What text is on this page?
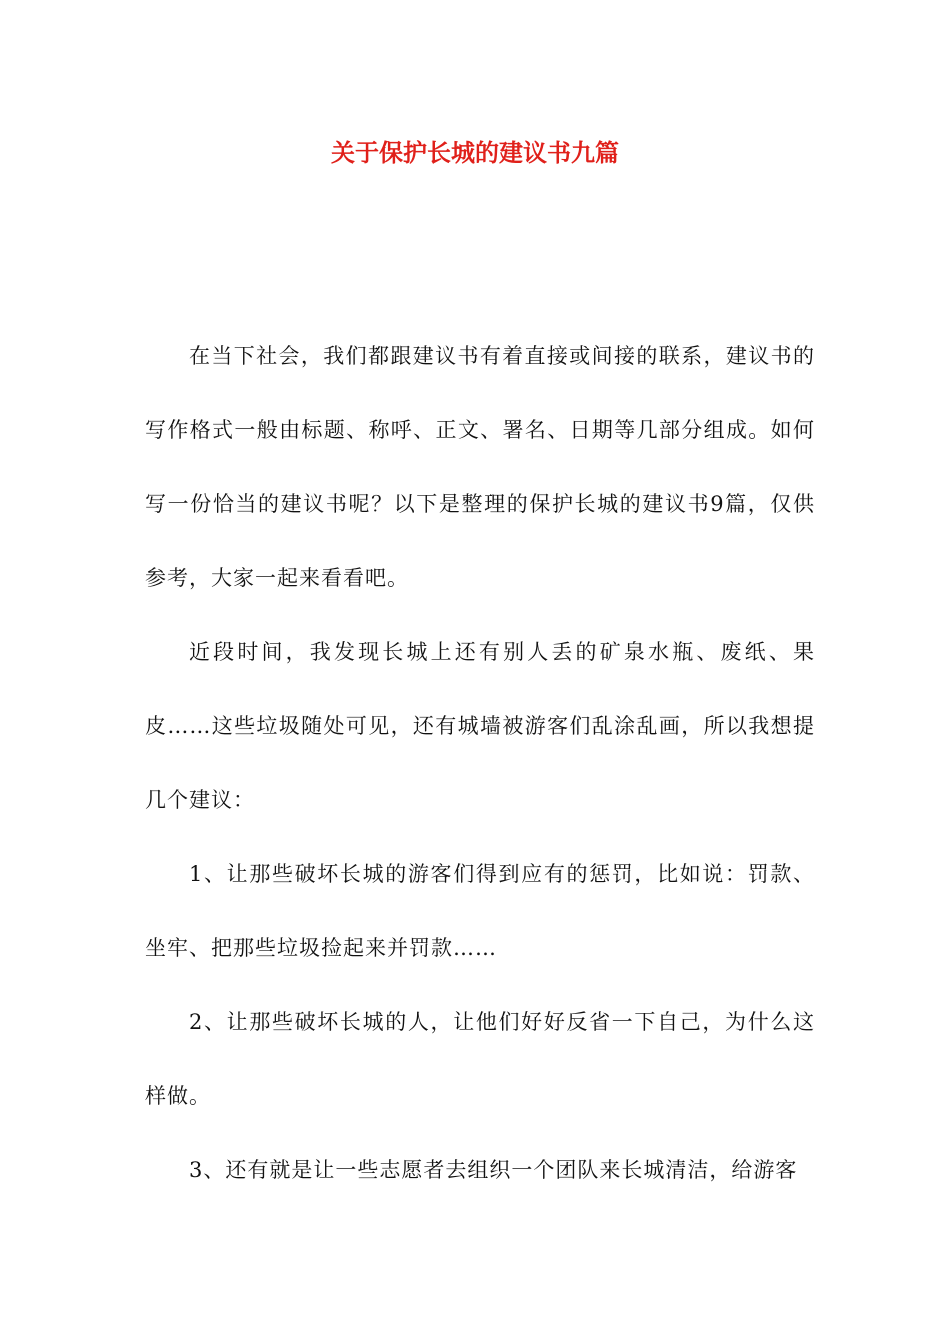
关于保护长城的建议书九篇

在当下社会，我们都跟建议书有着直接或间接的联系，建议书的写作格式一般由标题、称呼、正文、署名、日期等几部分组成。如何写一份恰当的建议书呢？以下是整理的保护长城的建议书9篇，仅供参考，大家一起来看看吧。

近段时间，我发现长城上还有别人丢的矿泉水瓶、废纸、果皮……这些垃圾随处可见，还有城墙被游客们乱涂乱画，所以我想提几个建议：

1、让那些破坏长城的游客们得到应有的惩罚，比如说：罚款、坐牢、把那些垃圾捡起来并罚款……

2、让那些破坏长城的人，让他们好好反省一下自己，为什么这样做。

3、还有就是让一些志愿者去组织一个团队来长城清洁，给游客
